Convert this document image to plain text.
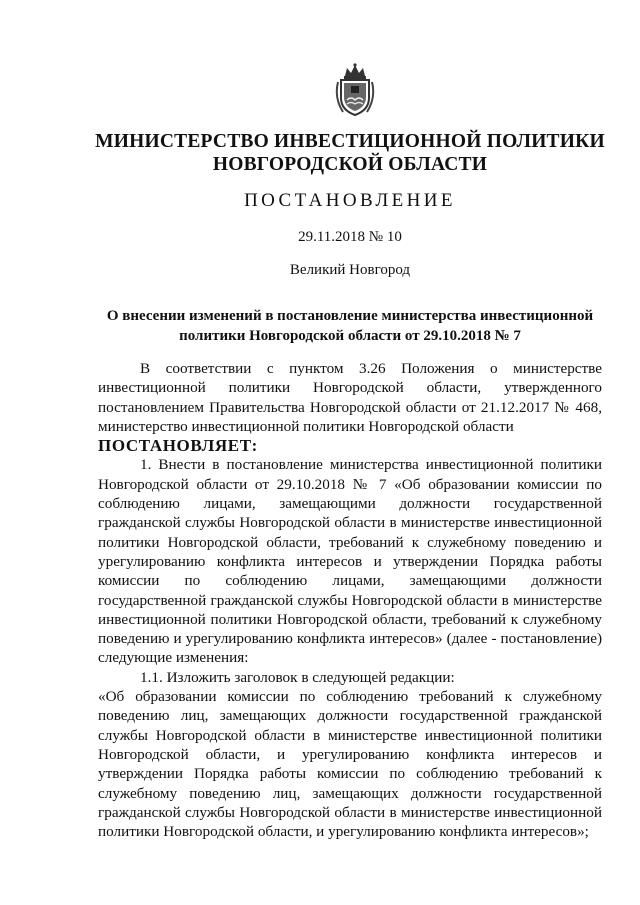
МИНИСТЕРСТВО ИНВЕСТИЦИОННОЙ ПОЛИТИКИ
НОВГОРОДСКОЙ ОБЛАСТИ
ПОСТАНОВЛЕНИЕ
29.11.2018 № 10
Великий Новгород
О внесении изменений в постановление министерства инвестиционной
политики Новгородской области от 29.10.2018 № 7

В соответствии с пунктом 3.26 Положения о министерстве инвестиционной политики Новгородской области, утвержденного постановлением Правительства Новгородской области от 21.12.2017 № 468, министерство инвестиционной политики Новгородской области

ПОСТАНОВЛЯЕТ:

1. Внести в постановление министерства инвестиционной политики Новгородской области от 29.10.2018 № 7 «Об образовании комиссии по соблюдению лицами, замещающими должности государственной гражданской службы Новгородской области в министерстве инвестиционной политики Новгородской области, требований к служебному поведению и урегулированию конфликта интересов и утверждении Порядка работы комиссии по соблюдению лицами, замещающими должности государственной гражданской службы Новгородской области в министерстве инвестиционной политики Новгородской области, требований к служебному поведению и урегулированию конфликта интересов» (далее - постановление) следующие изменения:

1.1. Изложить заголовок в следующей редакции:

«Об образовании комиссии по соблюдению требований к служебному поведению лиц, замещающих должности государственной гражданской службы Новгородской области в министерстве инвестиционной политики Новгородской области, и урегулированию конфликта интересов и утверждении Порядка работы комиссии по соблюдению требований к служебному поведению лиц, замещающих должности государственной гражданской службы Новгородской области в министерстве инвестиционной политики Новгородской области, и урегулированию конфликта интересов»;
